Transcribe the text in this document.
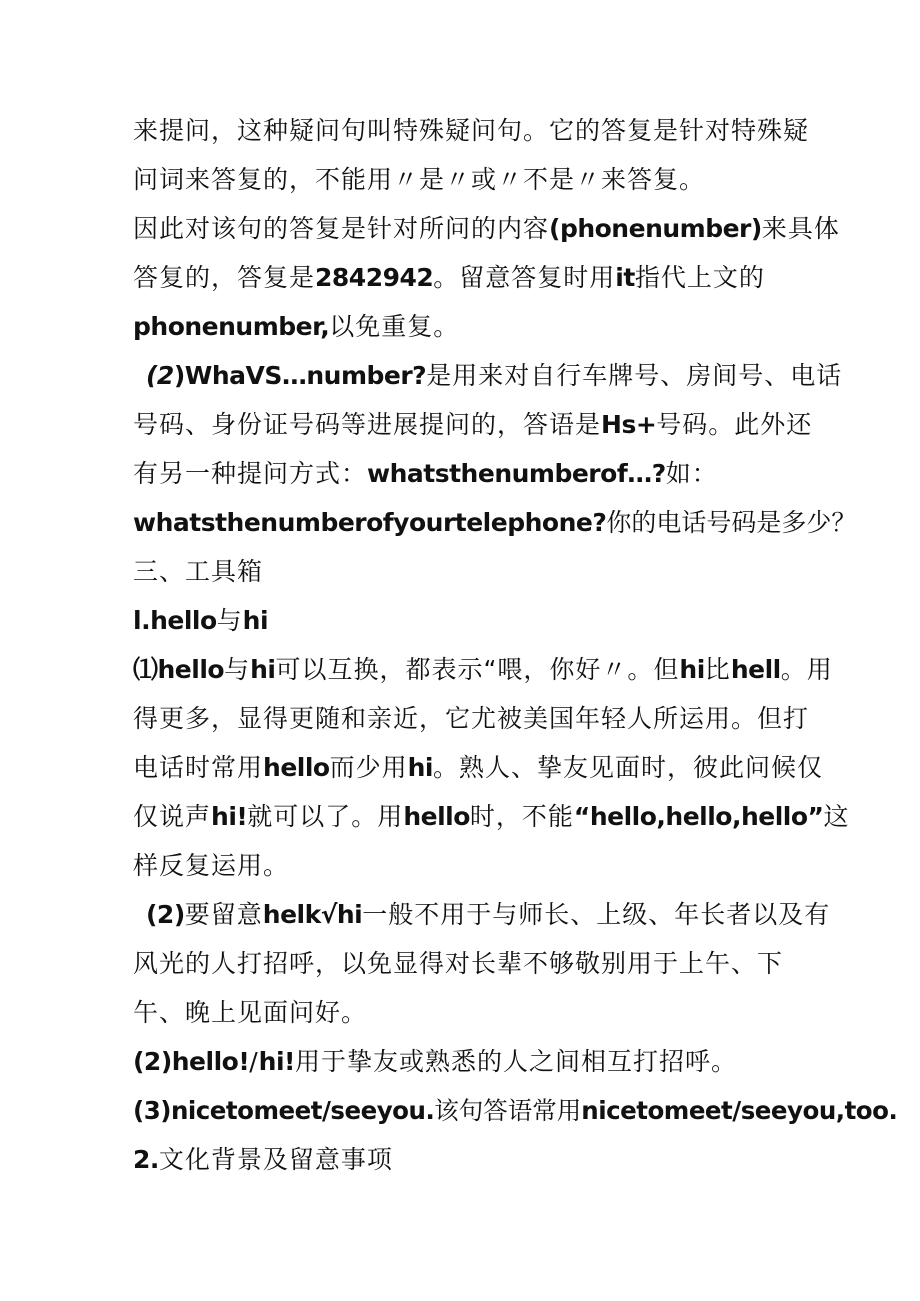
来提问，这种疑问句叫特殊疑问句。它的答复是针对特殊疑
问词来答复的，不能用〃是〃或〃不是〃来答复。
因此对该句的答复是针对所问的内容(phonenumber)来具体
答复的，答复是2842942。留意答复时用it指代上文的
phonenumber,以免重复。
(2)WhaVS…number?是用来对自行车牌号、房间号、电话
号码、身份证号码等进展提问的，答语是Hs+号码。此外还
有另一种提问方式：whatsthenumberof…?如：
whatsthenumberofyourtelephone?你的电话号码是多少？
三、工具箱
l.hello与hi
⑴hello与hi可以互换，都表示“喂，你好〃。但hi比hell。用
得更多，显得更随和亲近，它尤被美国年轻人所运用。但打
电话时常用hello而少用hi。熟人、挚友见面时，彼此问候仅
仅说声hi!就可以了。用hello时，不能“hello,hello,hello”这
样反复运用。
(2)要留意helk√hi一般不用于与师长、上级、年长者以及有
风光的人打招呼，以免显得对长辈不够敬别用于上午、下
午、晚上见面问好。
(2)hello!/hi!用于挚友或熟悉的人之间相互打招呼。
(3)nicetomeet/seeyou.该句答语常用nicetomeet/seeyou,too.
2.文化背景及留意事项
